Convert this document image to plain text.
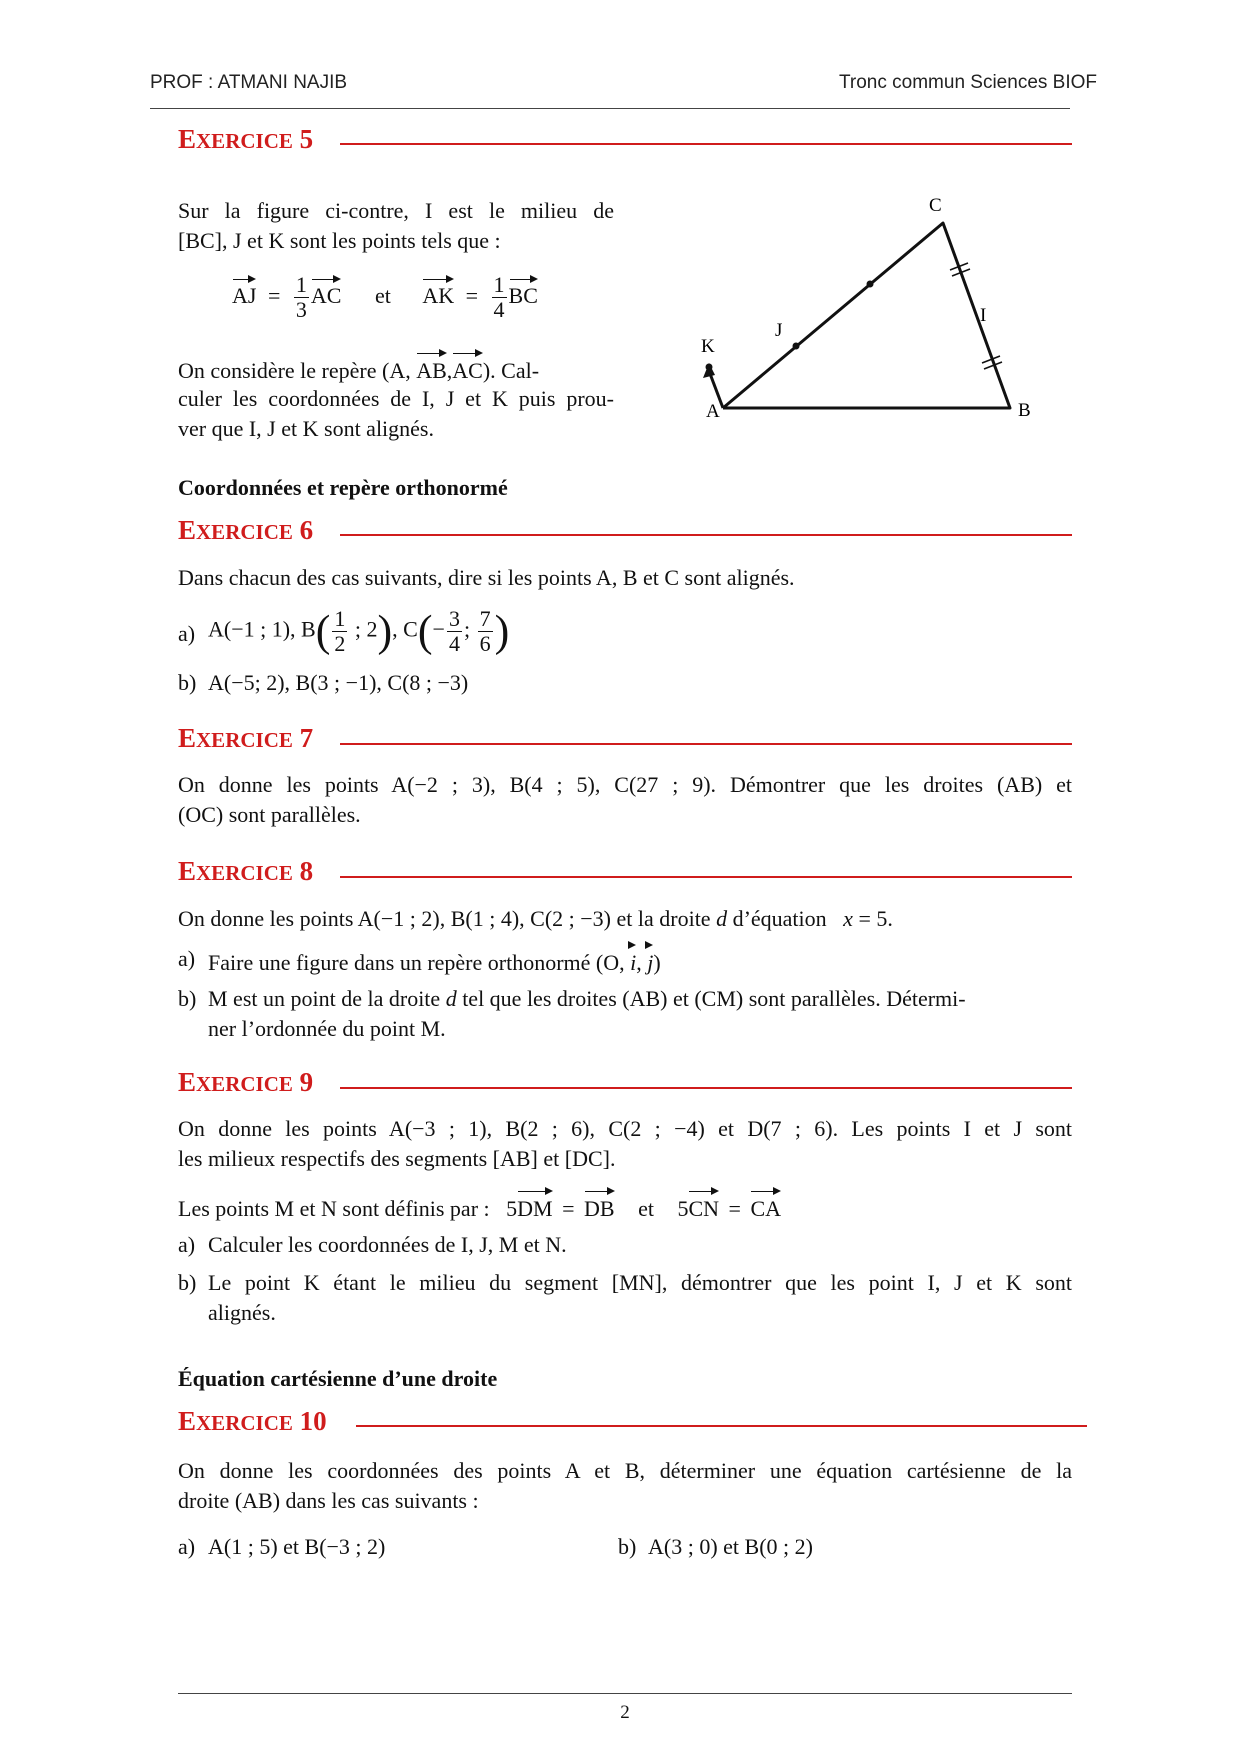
PROF : ATMANI NAJIB	Tronc commun Sciences BIOF
EXERCICE 5
Sur la figure ci-contre, I est le milieu de
[BC], J et K sont les points tels que :
AJ = $\frac{1}{3}$ AC et AK = $\frac{1}{4}$ BC
On considère le repère (A, AB,AC). Cal-
culer les coordonnées de I, J et K puis prou-
ver que I, J et K sont alignés.
A	B
C
I
J
K
Coordonnées et repère orthonormé
EXERCICE 6
Dans chacun des cas suivants, dire si les points A, B et C sont alignés.
a) A(−1 ; 1), $B( \frac{1}{2}$ ; 2), $C(- \frac{3}{4}$ ; $\frac{7}{6}$ )
b) A(−5; 2), B(3 ; −1), C(8 ; −3)
EXERCICE 7
On donne les points A(−2 ; 3), B(4 ; 5), C(27 ; 9). Démontrer que les droites (AB) et
(OC) sont parallèles.
EXERCICE 8
On donne les points A(−1 ; 2), B(1 ; 4), C(2 ; −3) et la droite d d’équation x = 5.
a) Faire une figure dans un repère orthonormé (O, i, j)
b) M est un point de la droite d tel que les droites (AB) et (CM) sont parallèles. Détermi-
ner l’ordonnée du point M.
EXERCICE 9
On donne les points A(−3 ; 1), B(2 ; 6), C(2 ; −4) et D(7 ; 6). Les points I et J sont
les milieux respectifs des segments [AB] et [DC].
Les points M et N sont définis par : 5DM = DB et 5CN = CA
a) Calculer les coordonnées de I, J, M et N.
b) Le point K étant le milieu du segment [MN], démontrer que les point I, J et K sont
alignés.
Équation cartésienne d’une droite
EXERCICE 10
On donne les coordonnées des points A et B, déterminer une équation cartésienne de la
droite (AB) dans les cas suivants :
a) A(1 ; 5) et B(−3 ; 2)	b) A(3 ; 0) et B(0 ; 2)
2
